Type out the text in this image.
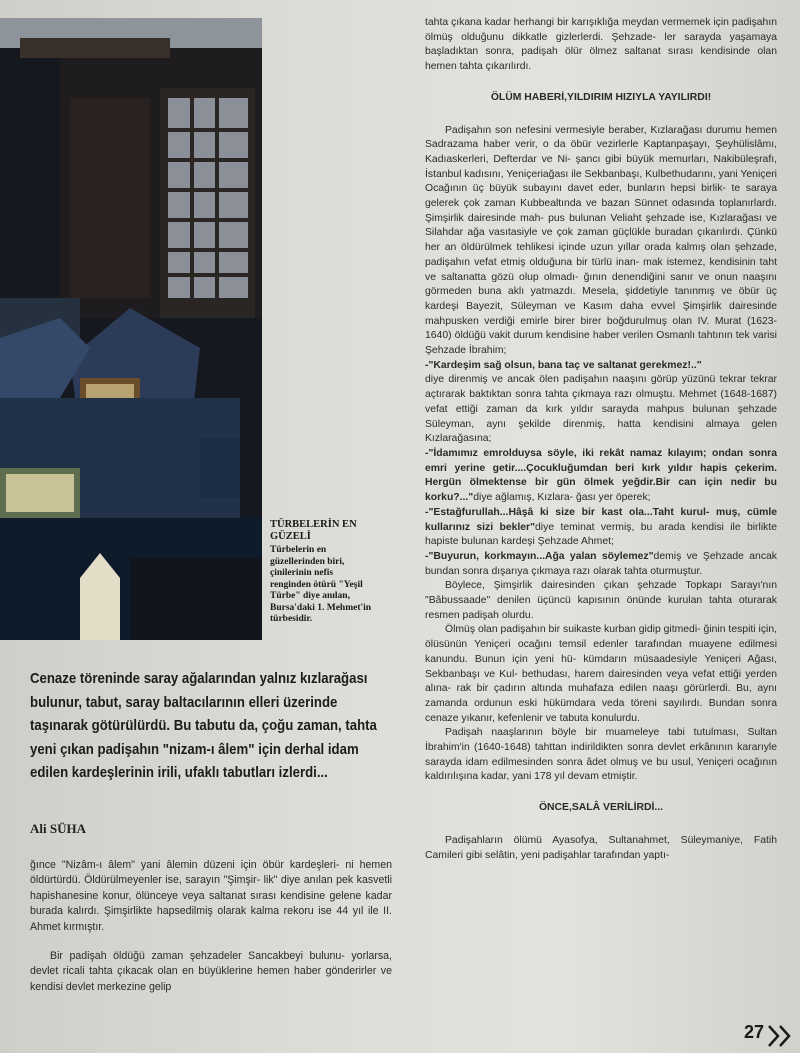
TÜRBELERİN EN GÜZELİ
Türbelerin en güzellerinden biri, çinilerinin nefis renginden ötürü "Yeşil Türbe" diye anılan, Bursa'daki 1. Mehmet'in türbesidir.
Cenaze töreninde saray ağalarından yalnız kızlarağası bulunur, tabut, saray baltacılarının elleri üzerinde taşınarak götürülürdü. Bu tabutu da, çoğu zaman, tahta yeni çıkan padişahın "nizam-ı âlem" için derhal idam edilen kardeşlerinin irili, ufaklı tabutları izlerdi...
Ali SÜHA

ğınce "Nizâm-ı âlem" yani âlemin düzeni için öbür kardeşleri- ni hemen öldürtürdü. Öldürülmeyenler ise, sarayın "Şimşir- lik" diye anılan pek kasvetli hapishanesine konur, ölünceye veya saltanat sırası kendisine gelene kadar burada kalırdı. Şimşirlikte hapsedilmiş olarak kalma rekoru ise 44 yıl ile II. Ahmet kırmıştır.

Bir padişah öldüğü zaman şehzadeler Sancakbeyi bulunu- yorlarsa, devlet ricali tahta çıkacak olan en büyüklerine hemen haber gönderirler ve kendisi devlet merkezine gelip

tahta çıkana kadar herhangi bir karışıklığa meydan vermemek için padişahın ölmüş olduğunu dikkatle gizlerlerdi. Şehzade- ler sarayda yaşamaya başladıktan sonra, padişah ölür ölmez saltanat sırası kendisinde olan hemen tahta çıkarılırdı.

ÖLÜM HABERİ,YILDIRIM HIZIYLA YAYILIRDI!

Padişahın son nefesini vermesiyle beraber, Kızlarağası durumu hemen Sadrazama haber verir, o da öbür vezirlerle Kaptanpaşayı, Şeyhülislâmı, Kadıaskerleri, Defterdar ve Ni- şancı gibi büyük memurları, Nakibüleşrafı, İstanbul kadısını, Yeniçeriağası ile Sekbanbaşı, Kulbethudarını, yani Yeniçeri Ocağının üç büyük subayını davet eder, bunların hepsi birlik- te saraya gelerek çok zaman Kubbealtında ve bazan Sünnet odasında toplanırlardı. Şimşirlik dairesinde mah- pus bulunan Veliaht şehzade ise, Kızlarağası ve Silahdar ağa vasıtasiyle ve çok zaman güçlükle buradan çıkarılırdı. Çünkü her an öldürülmek tehlikesi içinde uzun yıllar orada kalmış olan şehzade, padişahın vefat etmiş olduğuna bir türlü inan- mak istemez, kendisinin taht ve saltanatta gözü olup olmadı- ğının denendiğini sanır ve onun naaşını görmeden buna aklı yatmazdı. Mesela, şiddetiyle tanınmış ve öbür üç kardeşi Bayezit, Süleyman ve Kasım daha evvel Şimşirlik dairesinde mahpusken verdiği emirle birer birer boğdurulmuş olan IV. Murat (1623-1640) öldüğü vakit durum kendisine haber verilen Osmanlı tahtının tek varisi Şehzade İbrahim;

-"Kardeşim sağ olsun, bana taç ve saltanat gerekmez!.."

diye direnmiş ve ancak ölen padişahın naaşını görüp yüzünü tekrar tekrar açtırarak baktıktan sonra tahta çıkmaya razı olmuştu. Mehmet (1648-1687) vefat ettiği zaman da kırk yıldır sarayda mahpus bulunan şehzade Süleyman, aynı şekilde direnmiş, hatta kendisini almaya gelen Kızlarağasına;

-"İdamımız emrolduysa söyle, iki rekât namaz kılayım; ondan sonra emri yerine getir....Çocukluğumdan beri kırk yıldır hapis çekerim. Hergün ölmektense bir gün ölmek yeğdir.Bir can için nedir bu korku?..."diye ağlamış, Kızlara- ğası yer öperek;

-"Estağfurullah...Hâşâ ki size bir kast ola...Taht kurul- muş, cümle kullarınız sizi bekler"diye teminat vermiş, bu arada kendisi ile birlikte hapiste bulunan kardeşi Şehzade Ahmet;

-"Buyurun, korkmayın...Ağa yalan söylemez"demiş ve Şehzade ancak bundan sonra dışarıya çıkmaya razı olarak tahta oturmuştur.

Böylece, Şimşirlik dairesinden çıkan şehzade Topkapı Sarayı'nın "Bâbussaade" denilen üçüncü kapısının önünde kurulan tahta oturarak resmen padişah olurdu.

Ölmüş olan padişahın bir suikaste kurban gidip gitmedi- ğinin tespiti için, ölüsünün Yeniçeri ocağını temsil edenler tarafından muayene edilmesi kanundu. Bunun için yeni hü- kümdarın müsaadesiyle Yeniçeri Ağası, Sekbanbaşı ve Kul- bethudası, harem dairesinden veya vefat ettiği yerden alına- rak bir çadırın altında muhafaza edilen naaşı görürlerdi. Bu, aynı zamanda ordunun eski hükümdara veda töreni sayılırdı. Bundan sonra cenaze yıkanır, kefenlenir ve tabuta konulurdu.

Padişah naaşlarının böyle bir muameleye tabi tutulması, Sultan İbrahim'in (1640-1648) tahttan indirildikten sonra devlet erkânının kararıyle sarayda idam edilmesinden sonra âdet olmuş ve bu usul, Yeniçeri ocağının kaldırılışına kadar, yani 178 yıl devam etmiştir.

ÖNCE,SALÂ VERİLİRDİ...

Padişahların ölümü Ayasofya, Sultanahmet, Süleymaniye, Fatih Camileri gibi selâtin, yeni padişahlar tarafından yaptı-

27
